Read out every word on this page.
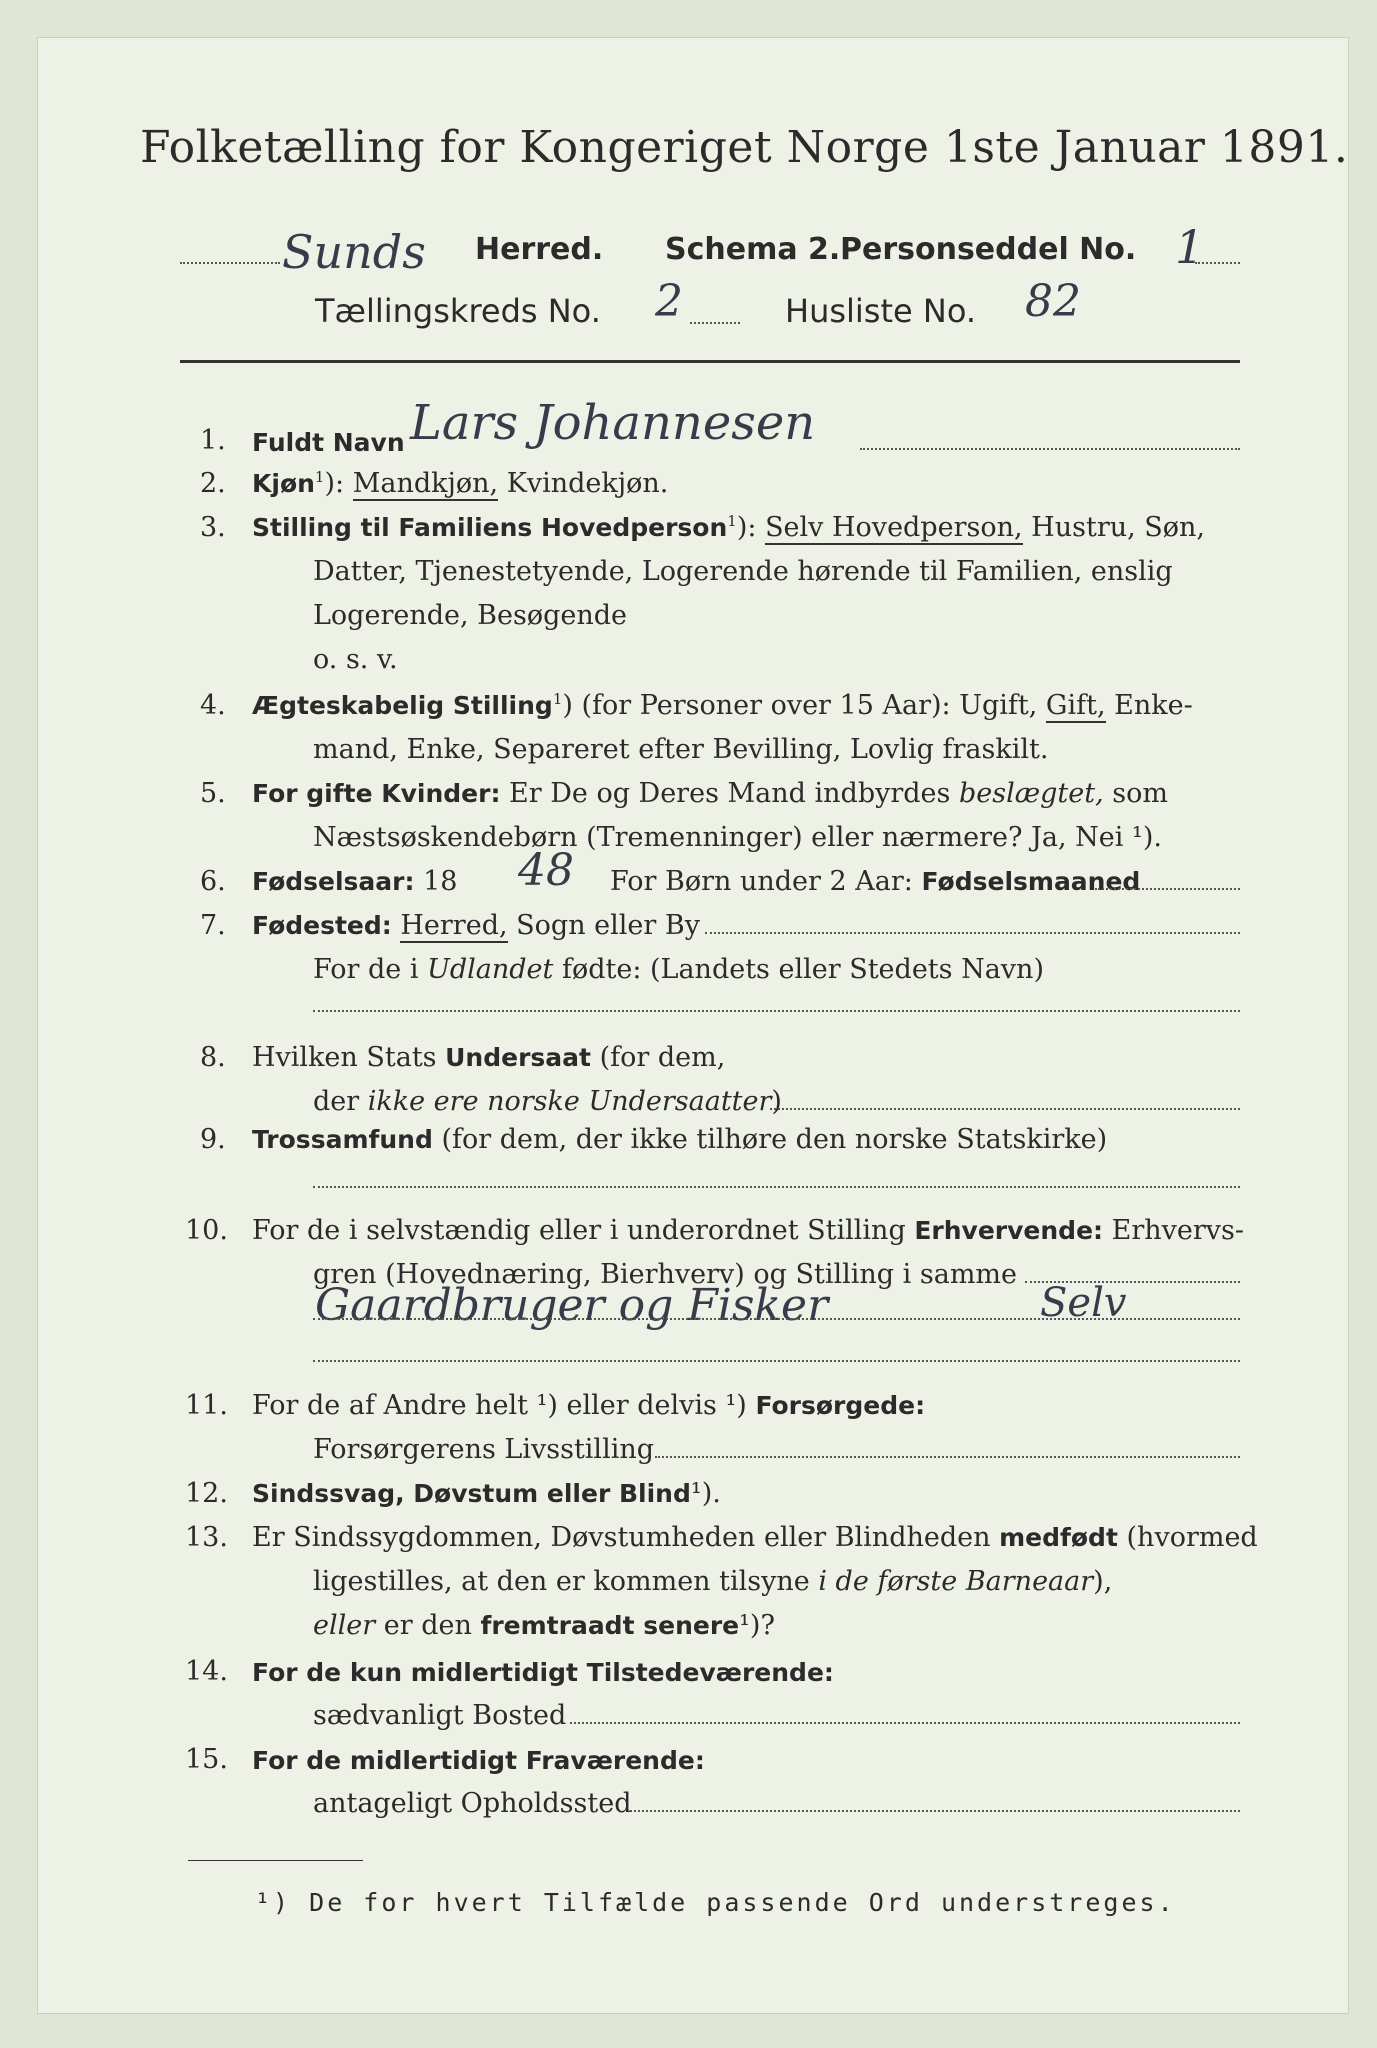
Folketælling for Kongeriget Norge 1ste Januar 1891.
Sunds Herred. Schema 2. Personseddel No. 1
Tællingskreds No. 2	Husliste No. 82
1. Fuldt Navn Lars Johannesen
2. Kjøn$^1$): Mandkjøn, Kvindekjøn.
3. Stilling til Familiens Hovedperson$^1$): Selv Hovedperson, Hustru, Søn,
Datter, Tjenestetyende, Logerende hørende til Familien, enslig
Logerende, Besøgende
o. s. v.
4. Ægteskabelig Stilling$^1$) (for Personer over 15 Aar): Ugift, Gift, Enke-
mand, Enke, Separeret efter Bevilling, Lovlig fraskilt.
5. For gifte Kvinder: Er De og Deres Mand indbyrdes beslægtet, som
Næstsøskendebørn (Tremenninger) eller nærmere? Ja, Nei ¹).
6. Fødselsaar: 18 48 For Børn under 2 Aar: Fødselsmaaned
7. Fødested: Herred, Sogn eller By
For de i Udlandet fødte: (Landets eller Stedets Navn)
8. Hvilken Stats Undersaat (for dem,
der ikke ere norske Undersaatter)
9. Trossamfund (for dem, der ikke tilhøre den norske Statskirke)
10. For de i selvstændig eller i underordnet Stilling Erhvervende: Erhvervs-
gren (Hovednæring, Bierhverv) og Stilling i samme
Gaardbruger og Fisker	Selv
11. For de af Andre helt ¹) eller delvis ¹) Forsørgede:
Forsørgerens Livsstilling
12. Sindssvag, Døvstum eller Blind¹).
13. Er Sindssygdommen, Døvstumheden eller Blindheden medfødt (hvormed
ligestilles, at den er kommen tilsyne i de første Barneaar),
eller er den fremtraadt senere¹)?
14. For de kun midlertidigt Tilstedeværende:
sædvanligt Bosted
15. For de midlertidigt Fraværende:
antageligt Opholdssted
¹) De for hvert Tilfælde passende Ord understreges.
